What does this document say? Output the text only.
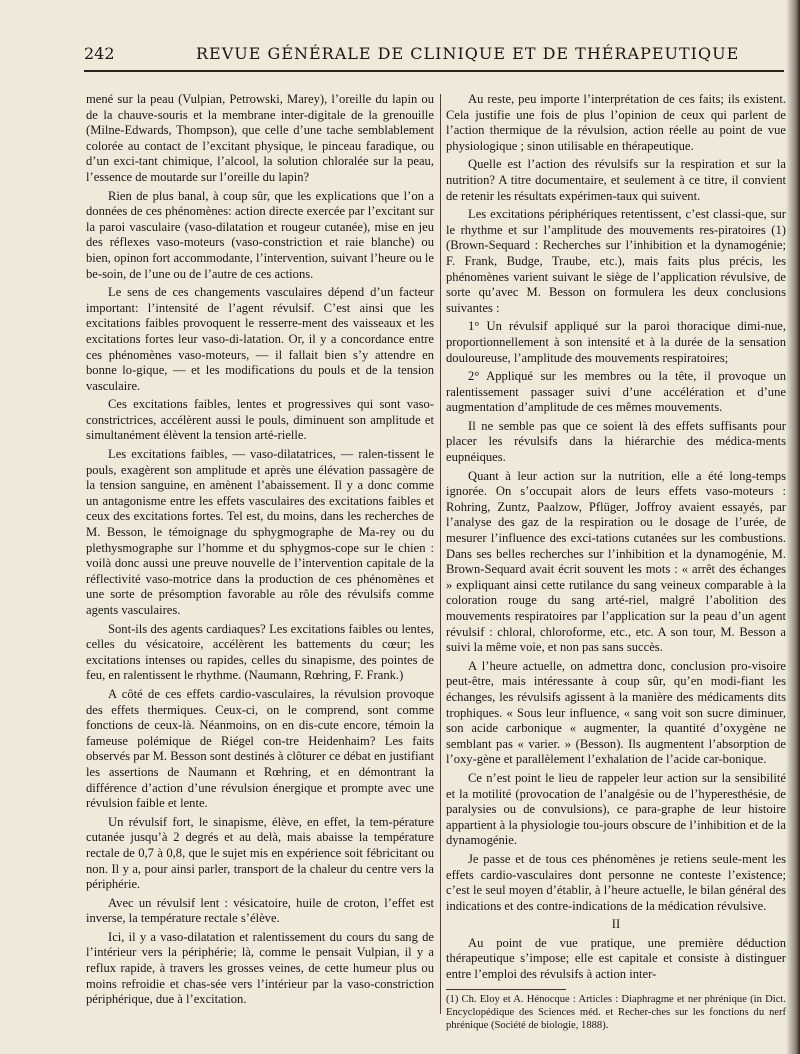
242	REVUE GÉNÉRALE DE CLINIQUE ET DE THÉRAPEUTIQUE

mené sur la peau (Vulpian, Petrowski, Marey), l’oreille du lapin ou de la chauve-souris et la membrane inter-digitale de la grenouille (Milne-Edwards, Thompson), que celle d’une tache semblablement colorée au contact de l’excitant physique, le pinceau faradique, ou d’un exci-tant chimique, l’alcool, la solution chloralée sur la peau, l’essence de moutarde sur l’oreille du lapin?

Rien de plus banal, à coup sûr, que les explications que l’on a données de ces phénomènes: action directe exercée par l’excitant sur la paroi vasculaire (vaso-dilatation et rougeur cutanée), mise en jeu des réflexes vaso-moteurs (vaso-constriction et raie blanche) ou bien, opinon fort accommodante, l’intervention, suivant l’heure ou le be-soin, de l’une ou de l’autre de ces actions.

Le sens de ces changements vasculaires dépend d’un facteur important: l’intensité de l’agent révulsif. C’est ainsi que les excitations faibles provoquent le resserre-ment des vaisseaux et les excitations fortes leur vaso-di-latation. Or, il y a concordance entre ces phénomènes vaso-moteurs, — il fallait bien s’y attendre en bonne lo-gique, — et les modifications du pouls et de la tension vasculaire.

Ces excitations faibles, lentes et progressives qui sont vaso-constrictrices, accélèrent aussi le pouls, diminuent son amplitude et simultanément élèvent la tension arté-rielle.

Les excitations faibles, — vaso-dilatatrices, — ralen-tissent le pouls, exagèrent son amplitude et après une élévation passagère de la tension sanguine, en amènent l’abaissement. Il y a donc comme un antagonisme entre les effets vasculaires des excitations faibles et ceux des excitations fortes. Tel est, du moins, dans les recherches de M. Besson, le témoignage du sphygmographe de Ma-rey ou du plethysmographe sur l’homme et du sphygmos-cope sur le chien : voilà donc aussi une preuve nouvelle de l’intervention capitale de la réflectivité vaso-motrice dans la production de ces phénomènes et une sorte de présomption favorable au rôle des révulsifs comme agents vasculaires.

Sont-ils des agents cardiaques? Les excitations faibles ou lentes, celles du vésicatoire, accélèrent les battements du cœur; les excitations intenses ou rapides, celles du sinapisme, des pointes de feu, en ralentissent le rhythme. (Naumann, Rœhring, F. Frank.)

A côté de ces effets cardio-vasculaires, la révulsion provoque des effets thermiques. Ceux-ci, on le comprend, sont comme fonctions de ceux-là. Néanmoins, on en dis-cute encore, témoin la fameuse polémique de Riégel con-tre Heidenhaim? Les faits observés par M. Besson sont destinés à clôturer ce débat en justifiant les assertions de Naumann et Rœhring, et en démontrant la différence d’action d’une révulsion énergique et prompte avec une révulsion faible et lente.

Un révulsif fort, le sinapisme, élève, en effet, la tem-pérature cutanée jusqu’à 2 degrés et au delà, mais abaisse la température rectale de 0,7 à 0,8, que le sujet mis en expérience soit fébricitant ou non. Il y a, pour ainsi parler, transport de la chaleur du centre vers la périphérie.

Avec un révulsif lent : vésicatoire, huile de croton, l’effet est inverse, la température rectale s’élève.

Ici, il y a vaso-dilatation et ralentissement du cours du sang de l’intérieur vers la périphérie; là, comme le pensait Vulpian, il y a reflux rapide, à travers les grosses veines, de cette humeur plus ou moins refroidie et chas-sée vers l’intérieur par la vaso-constriction périphérique, due à l’excitation.

Au reste, peu importe l’interprétation de ces faits; ils existent. Cela justifie une fois de plus l’opinion de ceux qui parlent de l’action thermique de la révulsion, action réelle au point de vue physiologique ; sinon utilisable en thérapeutique.

Quelle est l’action des révulsifs sur la respiration et sur la nutrition? A titre documentaire, et seulement à ce titre, il convient de retenir les résultats expérimen-taux qui suivent.

Les excitations périphériques retentissent, c’est classi-que, sur le rhythme et sur l’amplitude des mouvements res-piratoires (1) (Brown-Sequard : Recherches sur l’inhibition et la dynamogénie; F. Frank, Budge, Traube, etc.), mais faits plus précis, les phénomènes varient suivant le siège de l’application révulsive, de sorte qu’avec M. Besson on formulera les deux conclusions suivantes :

1° Un révulsif appliqué sur la paroi thoracique dimi-nue, proportionnellement à son intensité et à la durée de la sensation douloureuse, l’amplitude des mouvements respiratoires;

2° Appliqué sur les membres ou la tête, il provoque un ralentissement passager suivi d’une accélération et d’une augmentation d’amplitude de ces mêmes mouvements.

Il ne semble pas que ce soient là des effets suffisants pour placer les révulsifs dans la hiérarchie des médica-ments eupnéiques.

Quant à leur action sur la nutrition, elle a été long-temps ignorée. On s’occupait alors de leurs effets vaso-moteurs : Rohring, Zuntz, Paalzow, Pflüger, Joffroy avaient essayés, par l’analyse des gaz de la respiration ou le dosage de l’urée, de mesurer l’influence des exci-tations cutanées sur les combustions. Dans ses belles recherches sur l’inhibition et la dynamogénie, M. Brown-Sequard avait écrit souvent les mots : « arrêt des échanges » expliquant ainsi cette rutilance du sang veineux comparable à la coloration rouge du sang arté-riel, malgré l’abolition des mouvements respiratoires par l’application sur la peau d’un agent révulsif : chloral, chloroforme, etc., etc. A son tour, M. Besson a suivi la même voie, et non pas sans succès.

A l’heure actuelle, on admettra donc, conclusion pro-visoire peut-être, mais intéressante à coup sûr, qu’en modi-fiant les échanges, les révulsifs agissent à la manière des médicaments dits trophiques. « Sous leur influence, « sang voit son sucre diminuer, son acide carbonique « augmenter, la quantité d’oxygène ne semblant pas « varier. » (Besson). Ils augmentent l’absorption de l’oxy-gène et parallèlement l’exhalation de l’acide car-bonique.

Ce n’est point le lieu de rappeler leur action sur la sensibilité et la motilité (provocation de l’analgésie ou de l’hyperesthésie, de paralysies ou de convulsions), ce para-graphe de leur histoire appartient à la physiologie tou-jours obscure de l’inhibition et de la dynamogénie.

Je passe et de tous ces phénomènes je retiens seule-ment les effets cardio-vasculaires dont personne ne conteste l’existence; c’est le seul moyen d’établir, à l’heure actuelle, le bilan général des indications et des contre-indications de la médication révulsive.

II

Au point de vue pratique, une première déduction thérapeutique s’impose; elle est capitale et consiste à distinguer entre l’emploi des révulsifs à action inter-

(1) Ch. Eloy et A. Hénocque : Articles : Diaphragme et ner phrénique (in Dict. Encyclopédique des Sciences méd. et Recher-ches sur les fonctions du nerf phrénique (Société de biologie, 1888).
